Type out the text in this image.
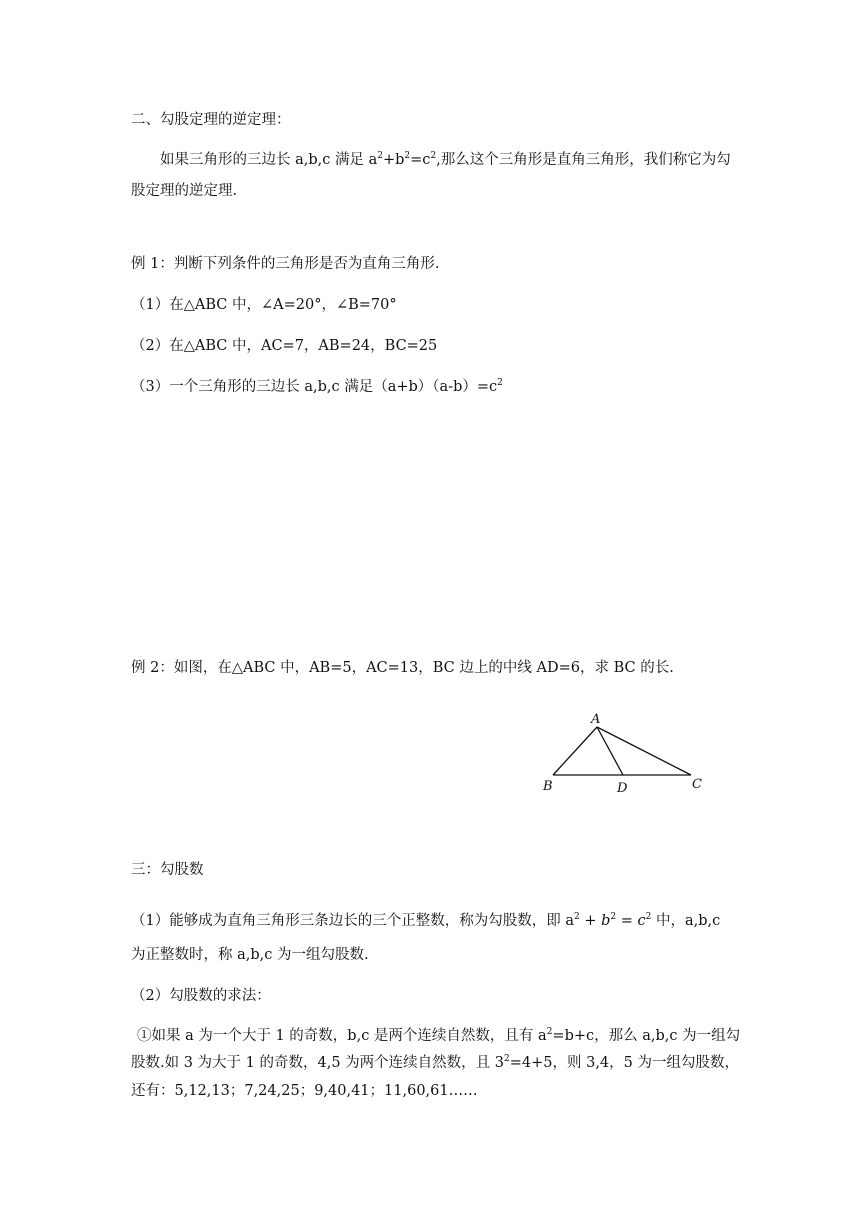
二、勾股定理的逆定理：
如果三角形的三边长 a,b,c 满足 $a^2+b^2=c^2$,那么这个三角形是直角三角形，我们称它为勾
股定理的逆定理.
例 1：判断下列条件的三角形是否为直角三角形.
（1）在△ABC 中，∠A=20°，∠B=70°
（2）在△ABC 中，AC=7，AB=24，BC=25
（3）一个三角形的三边长 a,b,c 满足$(a+b)(a-b)=c^2$
例 2：如图，在△ABC 中，AB=5，AC=13，BC 边上的中线 AD=6，求 BC 的长.
A
B	C
D
三：勾股数
（1）能够成为直角三角形三条边长的三个正整数，称为勾股数，即 $a^2 + b^2 = c^2$ 中，a,b,c
为正整数时，称 a,b,c 为一组勾股数.
（2）勾股数的求法：
①如果 a 为一个大于 1 的奇数，b,c 是两个连续自然数，且有 $a^2=b+c$，那么 a,b,c 为一组勾
股数.如 3 为大于 1 的奇数，4,5 为两个连续自然数，且 $3^2=4+5$，则 3,4，5 为一组勾股数，
还有：5,12,13；7,24,25；9,40,41；11,60,61……
